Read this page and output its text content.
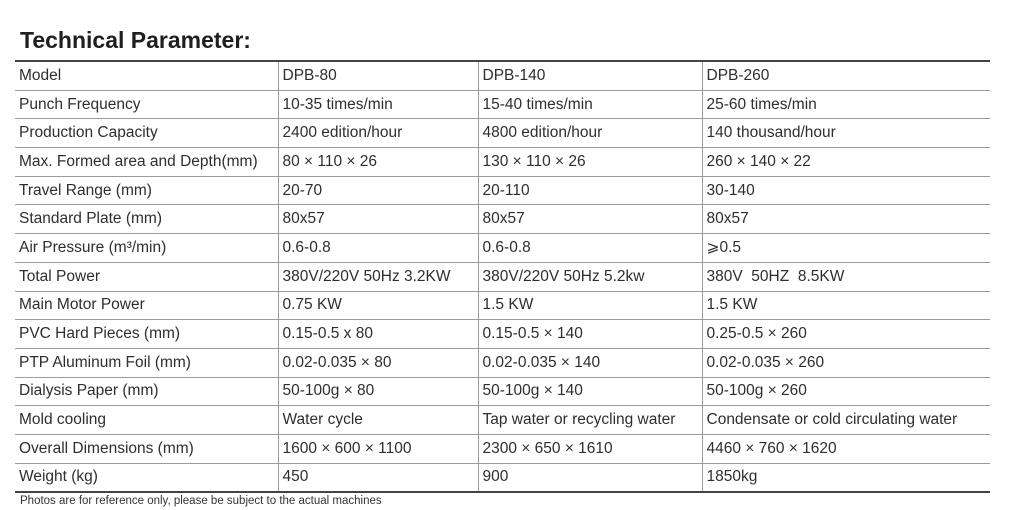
Technical Parameter:
Model	DPB-80	DPB-140	DPB-260
Punch Frequency	10-35 times/min	15-40 times/min	25-60 times/min
Production Capacity	2400 edition/hour	4800 edition/hour	140 thousand/hour
Max. Formed area and Depth(mm)	80 × 110 × 26	130 × 110 × 26	260 × 140 × 22
Travel Range (mm)	20-70	20-110	30-140
Standard Plate (mm)	80x57	80x57	80x57
Air Pressure (m³/min)	0.6-0.8	0.6-0.8	⩾0.5
Total Power	380V/220V 50Hz 3.2KW	380V/220V 50Hz 5.2kw	380V  50HZ  8.5KW
Main Motor Power	0.75 KW	1.5 KW	1.5 KW
PVC Hard Pieces (mm)	0.15-0.5 x 80	0.15-0.5 × 140	0.25-0.5 × 260
PTP Aluminum Foil (mm)	0.02-0.035 × 80	0.02-0.035 × 140	0.02-0.035 × 260
Dialysis Paper (mm)	50-100g × 80	50-100g × 140	50-100g × 260
Mold cooling	Water cycle	Tap water or recycling water	Condensate or cold circulating water
Overall Dimensions (mm)	1600 × 600 × 1100	2300 × 650 × 1610	4460 × 760 × 1620
Weight (kg)	450	900	1850kg
Photos are for reference only, please be subject to the actual machines
